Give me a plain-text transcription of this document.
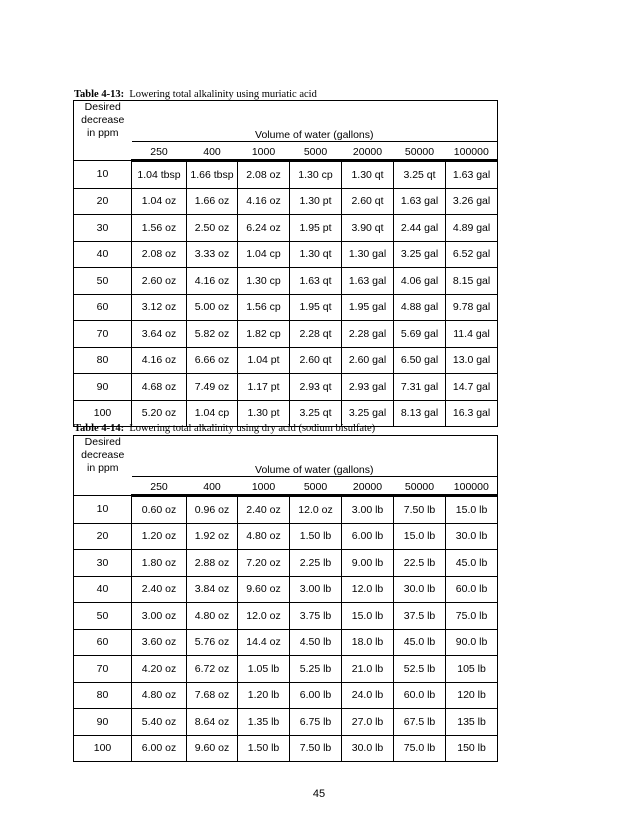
Table 4-13: Lowering total alkalinity using muriatic acid
Desired decrease in ppm	Volume of water (gallons)						
	250	400	1000	5000	20000	50000	100000
10	1.04 tbsp	1.66 tbsp	2.08 oz	1.30 cp	1.30 qt	3.25 qt	1.63 gal
20	1.04 oz	1.66 oz	4.16 oz	1.30 pt	2.60 qt	1.63 gal	3.26 gal
30	1.56 oz	2.50 oz	6.24 oz	1.95 pt	3.90 qt	2.44 gal	4.89 gal
40	2.08 oz	3.33 oz	1.04 cp	1.30 qt	1.30 gal	3.25 gal	6.52 gal
50	2.60 oz	4.16 oz	1.30 cp	1.63 qt	1.63 gal	4.06 gal	8.15 gal
60	3.12 oz	5.00 oz	1.56 cp	1.95 qt	1.95 gal	4.88 gal	9.78 gal
70	3.64 oz	5.82 oz	1.82 cp	2.28 qt	2.28 gal	5.69 gal	11.4 gal
80	4.16 oz	6.66 oz	1.04 pt	2.60 qt	2.60 gal	6.50 gal	13.0 gal
90	4.68 oz	7.49 oz	1.17 pt	2.93 qt	2.93 gal	7.31 gal	14.7 gal
100	5.20 oz	1.04 cp	1.30 pt	3.25 qt	3.25 gal	8.13 gal	16.3 gal
Table 4-14: Lowering total alkalinity using dry acid (sodium bisulfate)
Desired decrease in ppm	Volume of water (gallons)						
	250	400	1000	5000	20000	50000	100000
10	0.60 oz	0.96 oz	2.40 oz	12.0 oz	3.00 lb	7.50 lb	15.0 lb
20	1.20 oz	1.92 oz	4.80 oz	1.50 lb	6.00 lb	15.0 lb	30.0 lb
30	1.80 oz	2.88 oz	7.20 oz	2.25 lb	9.00 lb	22.5 lb	45.0 lb
40	2.40 oz	3.84 oz	9.60 oz	3.00 lb	12.0 lb	30.0 lb	60.0 lb
50	3.00 oz	4.80 oz	12.0 oz	3.75 lb	15.0 lb	37.5 lb	75.0 lb
60	3.60 oz	5.76 oz	14.4 oz	4.50 lb	18.0 lb	45.0 lb	90.0 lb
70	4.20 oz	6.72 oz	1.05 lb	5.25 lb	21.0 lb	52.5 lb	105 lb
80	4.80 oz	7.68 oz	1.20 lb	6.00 lb	24.0 lb	60.0 lb	120 lb
90	5.40 oz	8.64 oz	1.35 lb	6.75 lb	27.0 lb	67.5 lb	135 lb
100	6.00 oz	9.60 oz	1.50 lb	7.50 lb	30.0 lb	75.0 lb	150 lb
45
